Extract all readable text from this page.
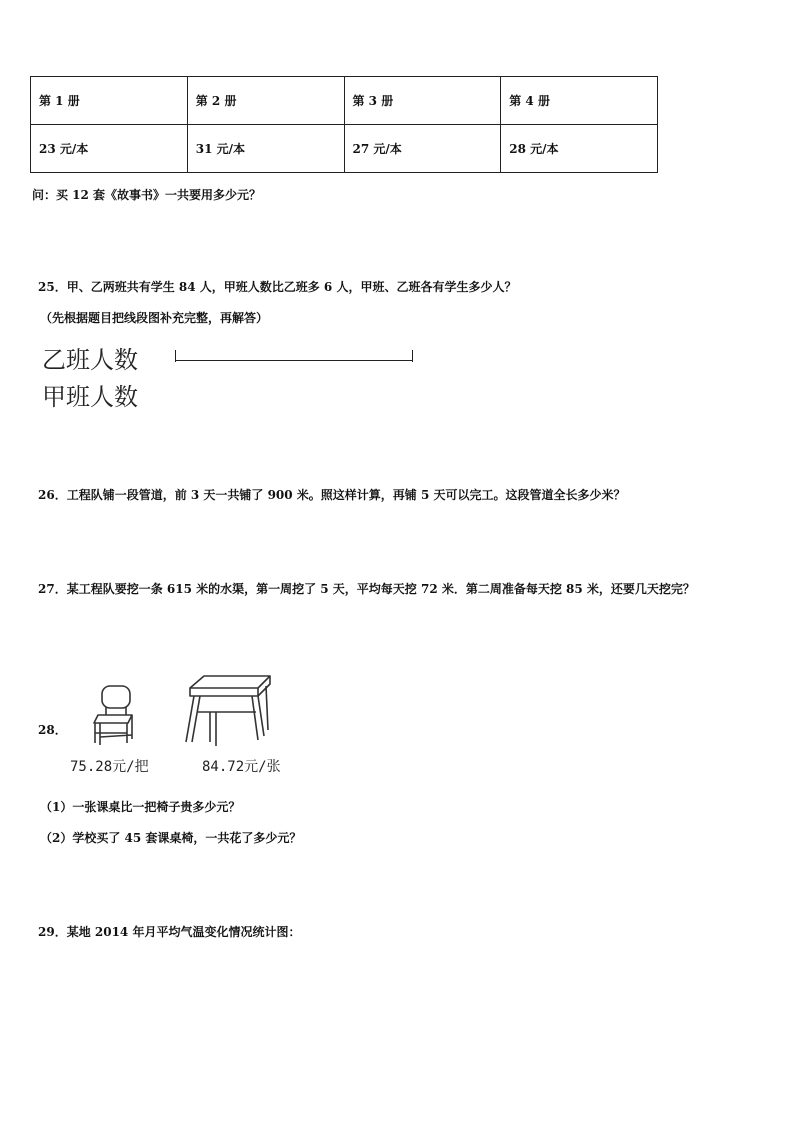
第 1 册	第 2 册	第 3 册	第 4 册
23 元/本	31 元/本	27 元/本	28 元/本
问：买 12 套《故事书》一共要用多少元？
25．甲、乙两班共有学生 84 人，甲班人数比乙班多 6 人，甲班、乙班各有学生多少人？
（先根据题目把线段图补充完整，再解答）
乙班人数
甲班人数
26．工程队铺一段管道，前 3 天一共铺了 900 米。照这样计算，再铺 5 天可以完工。这段管道全长多少米？
27．某工程队要挖一条 615 米的水渠，第一周挖了 5 天，平均每天挖 72 米．第二周准备每天挖 85 米，还要几天挖完？
28．
75.28元/把	84.72元/张
（1）一张课桌比一把椅子贵多少元？
（2）学校买了 45 套课桌椅，一共花了多少元？
29．某地 2014 年月平均气温变化情况统计图：
